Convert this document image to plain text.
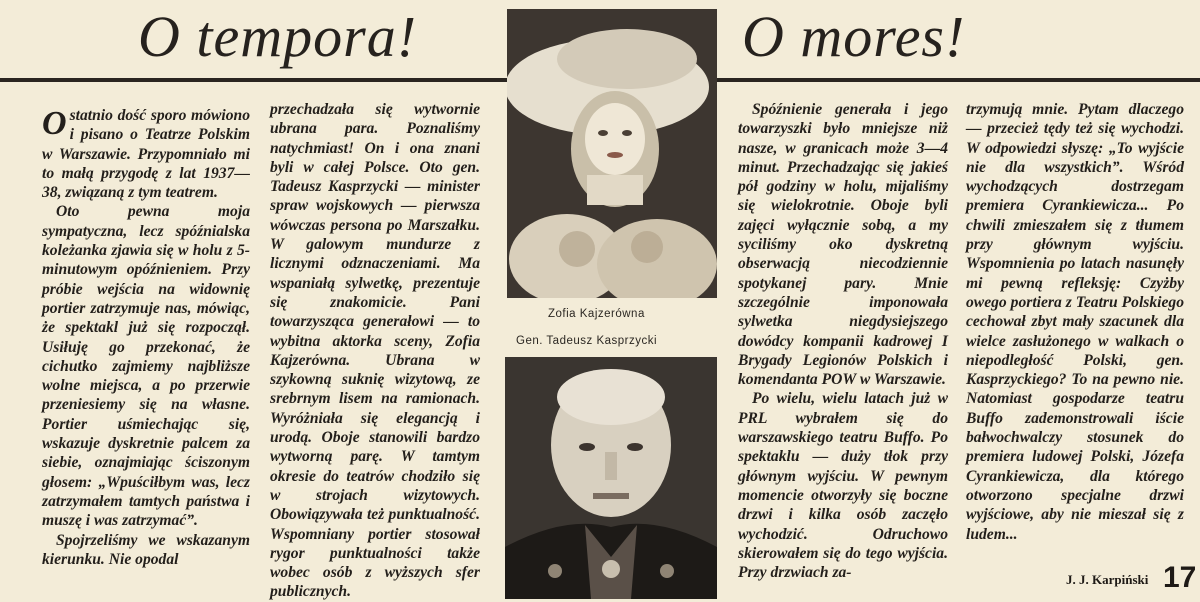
O tempora!	O mores!

Ostatnio dość sporo mówiono i pisano o Teatrze Polskim w Warszawie. Przypomniało mi to małą przygodę z lat 1937—38, związaną z tym teatrem.

Oto pewna moja sympatyczna, lecz spóźnialska koleżanka zjawia się w holu z 5-minutowym opóźnieniem. Przy próbie wejścia na widownię portier zatrzymuje nas, mówiąc, że spektakl już się rozpoczął. Usiłuję go przekonać, że cichutko zajmiemy najbliższe wolne miejsca, a po przerwie przeniesiemy się na własne. Portier uśmiechając się, wskazuje dyskretnie palcem za siebie, oznajmiając ściszonym głosem: „Wpuściłbym was, lecz zatrzymałem tamtych państwa i muszę i was zatrzymać”.

Spojrzeliśmy we wskazanym kierunku. Nie opodal

przechadzała się wytwornie ubrana para. Poznaliśmy natychmiast! On i ona znani byli w całej Polsce. Oto gen. Tadeusz Kasprzycki — minister spraw wojskowych — pierwsza wówczas persona po Marszałku. W galowym mundurze z licznymi odznaczeniami. Ma wspaniałą sylwetkę, prezentuje się znakomicie. Pani towarzysząca generałowi — to wybitna aktorka sceny, Zofia Kajzerówna. Ubrana w szykowną suknię wizytową, ze srebrnym lisem na ramionach. Wyróżniała się elegancją i urodą. Oboje stanowili bardzo wytworną parę. W tamtym okresie do teatrów chodziło się w strojach wizytowych. Obowiązywała też punktualność. Wspomniany portier stosował rygor punktualności także wobec osób z wyższych sfer publicznych.

Zofia Kajzerówna
Gen. Tadeusz Kasprzycki

Spóźnienie generała i jego towarzyszki było mniejsze niż nasze, w granicach może 3—4 minut. Przechadzając się jakieś pół godziny w holu, mijaliśmy się wielokrotnie. Oboje byli zajęci wyłącznie sobą, a my syciliśmy oko dyskretną obserwacją niecodziennie spotykanej pary. Mnie szczególnie imponowała sylwetka niegdysiejszego dowódcy kompanii kadrowej I Brygady Legionów Polskich i komendanta POW w Warszawie.

Po wielu, wielu latach już w PRL wybrałem się do warszawskiego teatru Buffo. Po spektaklu — duży tłok przy głównym wyjściu. W pewnym momencie otworzyły się boczne drzwi i kilka osób zaczęło wychodzić. Odruchowo skierowałem się do tego wyjścia. Przy drzwiach za-

trzymują mnie. Pytam dlaczego — przecież tędy też się wychodzi. W odpowiedzi słyszę: „To wyjście nie dla wszystkich”. Wśród wychodzących dostrzegam premiera Cyrankiewicza... Po chwili zmieszałem się z tłumem przy głównym wyjściu. Wspomnienia po latach nasunęły mi pewną refleksję: Czyżby owego portiera z Teatru Polskiego cechował zbyt mały szacunek dla wielce zasłużonego w walkach o niepodległość Polski, gen. Kasprzyckiego? To na pewno nie. Natomiast gospodarze teatru Buffo zademonstrowali iście bałwochwalczy stosunek do premiera ludowej Polski, Józefa Cyrankiewicza, dla którego otworzono specjalne drzwi wyjściowe, aby nie mieszał się z ludem...

J. J. Karpiński 17
